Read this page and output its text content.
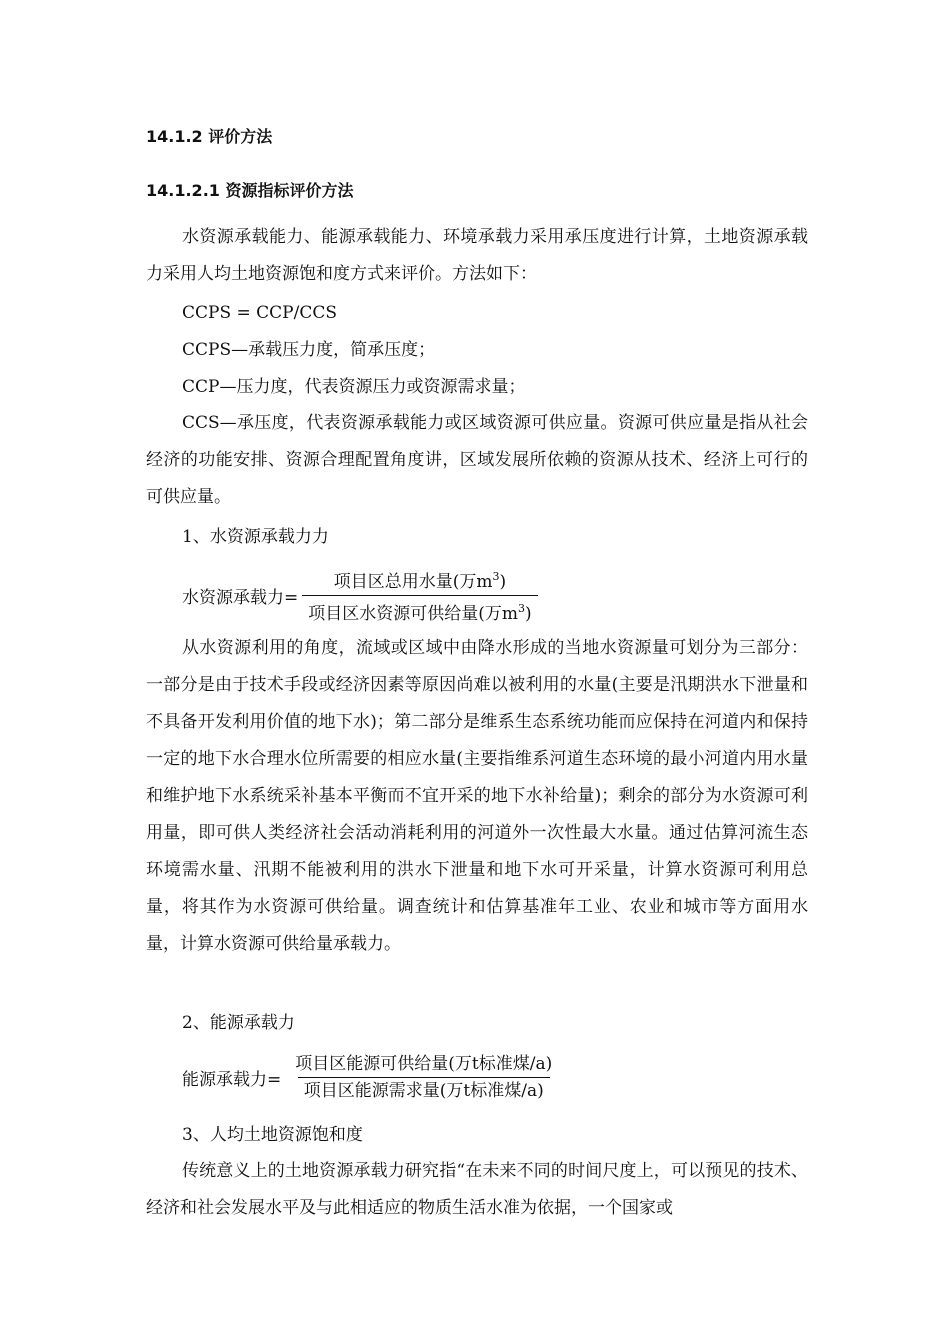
14.1.2 评价方法
14.1.2.1 资源指标评价方法

水资源承载能力、能源承载能力、环境承载力采用承压度进行计算，土地资源承载力采用人均土地资源饱和度方式来评价。方法如下：

CCPS = CCP/CCS
CCPS—承载压力度，简承压度；
CCP—压力度，代表资源压力或资源需求量；

CCS—承压度，代表资源承载能力或区域资源可供应量。资源可供应量是指从社会经济的功能安排、资源合理配置角度讲，区域发展所依赖的资源从技术、经济上可行的可供应量。

1、水资源承载力力
水资源承载力= $\frac{项目区总用水量(万m^3)}{项目区水资源可供给量(万m^3)}$

从水资源利用的角度，流域或区域中由降水形成的当地水资源量可划分为三部分：一部分是由于技术手段或经济因素等原因尚难以被利用的水量(主要是汛期洪水下泄量和不具备开发利用价值的地下水)；第二部分是维系生态系统功能而应保持在河道内和保持一定的地下水合理水位所需要的相应水量(主要指维系河道生态环境的最小河道内用水量和维护地下水系统采补基本平衡而不宜开采的地下水补给量)；剩余的部分为水资源可利用量，即可供人类经济社会活动消耗利用的河道外一次性最大水量。通过估算河流生态环境需水量、汛期不能被利用的洪水下泄量和地下水可开采量，计算水资源可利用总量，将其作为水资源可供给量。调查统计和估算基准年工业、农业和城市等方面用水量，计算水资源可供给量承载力。

2、能源承载力
能源承载力= $\frac{\text{项目区能源可供给量(万t标准煤/a)}}{\text{项目区能源需求量(万t标准煤/a)}}$
3、人均土地资源饱和度

传统意义上的土地资源承载力研究指“在未来不同的时间尺度上，可以预见的技术、经济和社会发展水平及与此相适应的物质生活水准为依据，一个国家或
